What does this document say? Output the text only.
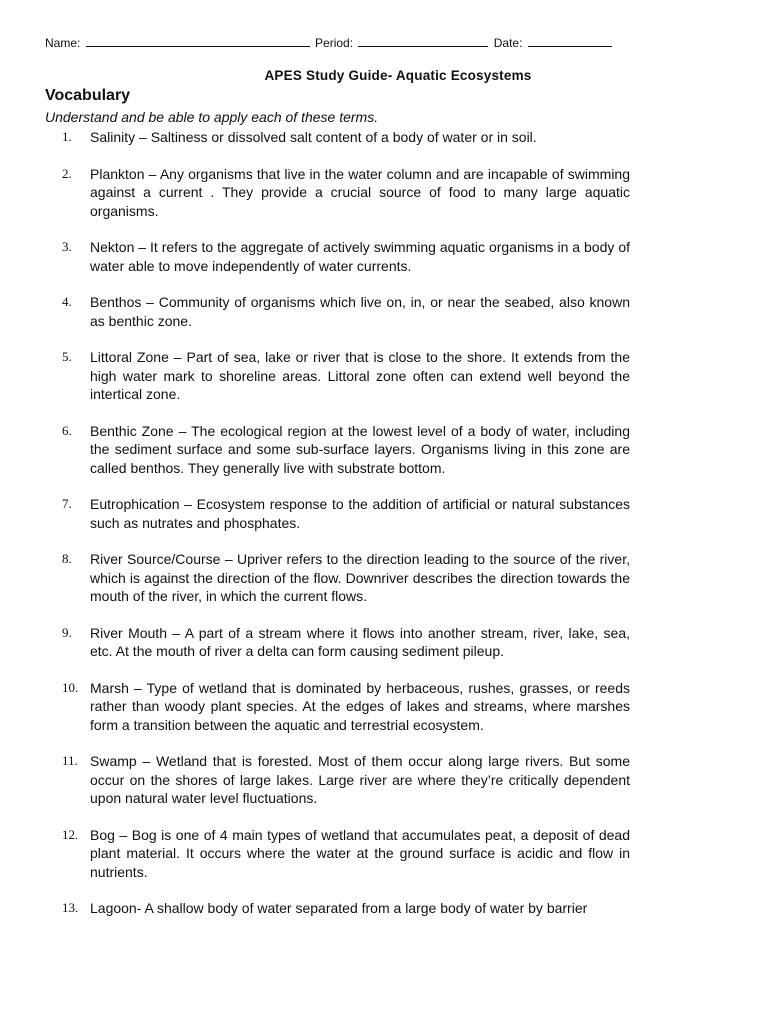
Name:	Period:	Date:
APES Study Guide- Aquatic Ecosystems
Vocabulary
Understand and be able to apply each of these terms.
1.	Salinity – Saltiness or dissolved salt content of a body of water or in soil.
2.	Plankton – Any organisms that live in the water column and are incapable of swimming against a current . They provide a crucial source of food to many large aquatic organisms.
3.	Nekton – It refers to the aggregate of actively swimming aquatic organisms in a body of water able to move independently of water currents.
4.	Benthos – Community of organisms which live on, in, or near the seabed, also known as benthic zone.
5.	Littoral Zone – Part of sea, lake or river that is close to the shore. It extends from the high water mark to shoreline areas. Littoral zone often can extend well beyond the intertical zone.
6.	Benthic Zone – The ecological region at the lowest level of a body of water, including the sediment surface and some sub-surface layers. Organisms living in this zone are called benthos. They generally live with substrate bottom.
7.	Eutrophication – Ecosystem response to the addition of artificial or natural substances such as nutrates and phosphates.
8.	River Source/Course – Upriver refers to the direction leading to the source of the river, which is against the direction of the flow. Downriver describes the direction towards the mouth of the river, in which the current flows.
9.	River Mouth – A part of a stream where it flows into another stream, river, lake, sea, etc. At the mouth of river a delta can form causing sediment pileup.
10. Marsh – Type of wetland that is dominated by herbaceous, rushes, grasses, or reeds rather than woody plant species. At the edges of lakes and streams, where marshes form a transition between the aquatic and terrestrial ecosystem.
11. Swamp – Wetland that is forested. Most of them occur along large rivers. But some occur on the shores of large lakes. Large river are where they’re critically dependent upon natural water level fluctuations.
12. Bog – Bog is one of 4 main types of wetland that accumulates peat, a deposit of dead plant material. It occurs where the water at the ground surface is acidic and flow in nutrients.
13. Lagoon- A shallow body of water separated from a large body of water by barrier
